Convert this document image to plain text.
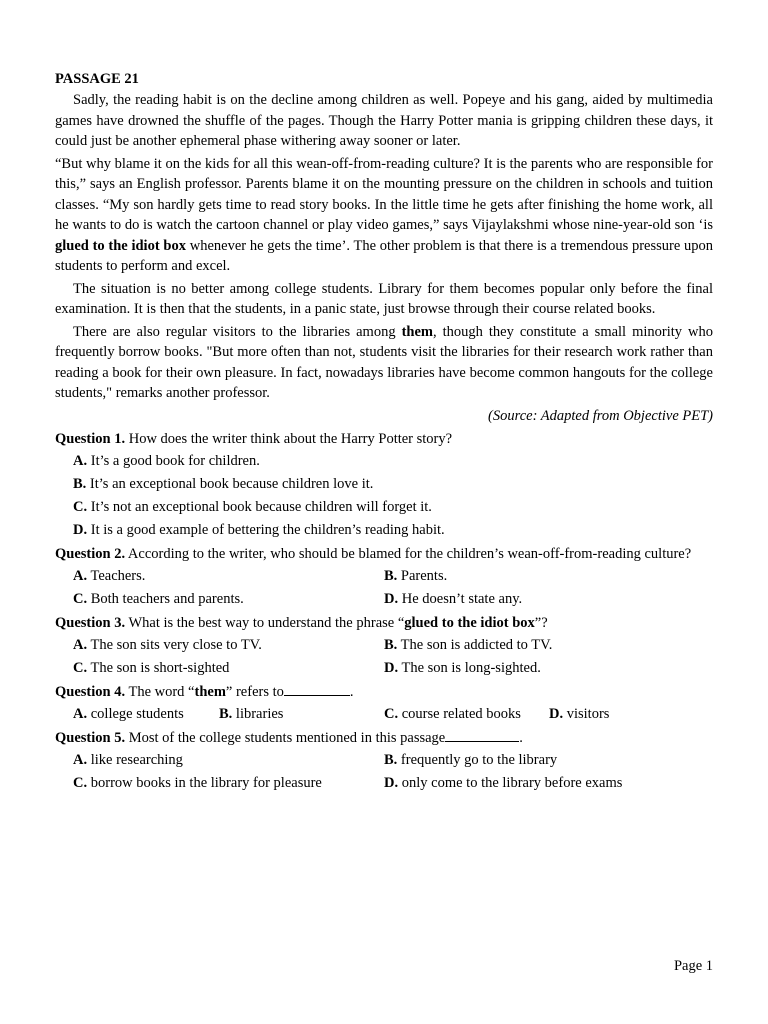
PASSAGE 21

Sadly, the reading habit is on the decline among children as well. Popeye and his gang, aided by multimedia games have drowned the shuffle of the pages. Though the Harry Potter mania is gripping children these days, it could just be another ephemeral phase withering away sooner or later.

“But why blame it on the kids for all this wean-off-from-reading culture? It is the parents who are responsible for this,” says an English professor. Parents blame it on the mounting pressure on the children in schools and tuition classes. “My son hardly gets time to read story books. In the little time he gets after finishing the home work, all he wants to do is watch the cartoon channel or play video games,” says Vijaylakshmi whose nine-year-old son ‘is glued to the idiot box whenever he gets the time’. The other problem is that there is a tremendous pressure upon students to perform and excel.

The situation is no better among college students. Library for them becomes popular only before the final examination. It is then that the students, in a panic state, just browse through their course related books.

There are also regular visitors to the libraries among them, though they constitute a small minority who frequently borrow books. "But more often than not, students visit the libraries for their research work rather than reading a book for their own pleasure. In fact, nowadays libraries have become common hangouts for the college students," remarks another professor.

(Source: Adapted from Objective PET)
Question 1. How does the writer think about the Harry Potter story?
A. It’s a good book for children.
B. It’s an exceptional book because children love it.
C. It’s not an exceptional book because children will forget it.
D. It is a good example of bettering the children’s reading habit.
Question 2. According to the writer, who should be blamed for the children’s wean-off-from-reading culture?
A. Teachers.	B. Parents.
C. Both teachers and parents.	D. He doesn’t state any.
Question 3. What is the best way to understand the phrase “glued to the idiot box”?
A. The son sits very close to TV.	B. The son is addicted to TV.
C. The son is short-sighted	D. The son is long-sighted.
Question 4. The word “them” refers to	.
A. college students B. libraries	C. course related books D. visitors
Question 5. Most of the college students mentioned in this passage	.
A. like researching	B. frequently go to the library
C. borrow books in the library for pleasure	D. only come to the library before exams
Page 1
